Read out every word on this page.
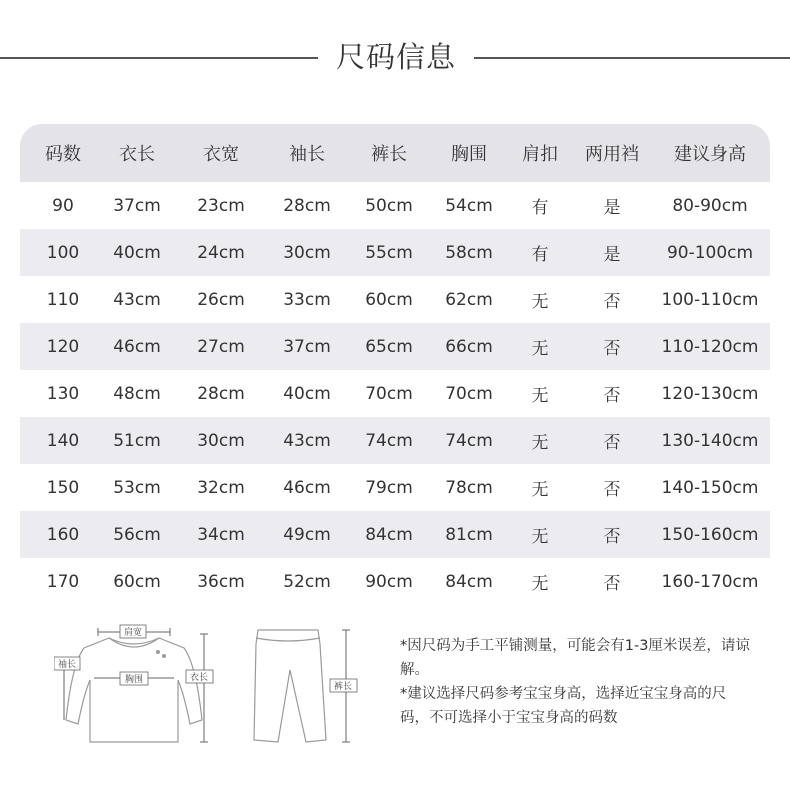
尺码信息
码数	衣长	衣宽	袖长	裤长	胸围	肩扣	两用裆	建议身高
90	37cm	23cm	28cm	50cm	54cm	有	是	80-90cm
100	40cm	24cm	30cm	55cm	58cm	有	是	90-100cm
110	43cm	26cm	33cm	60cm	62cm	无	否	100-110cm
120	46cm	27cm	37cm	65cm	66cm	无	否	110-120cm
130	48cm	28cm	40cm	70cm	70cm	无	否	120-130cm
140	51cm	30cm	43cm	74cm	74cm	无	否	130-140cm
150	53cm	32cm	46cm	79cm	78cm	无	否	140-150cm
160	56cm	34cm	49cm	84cm	81cm	无	否	150-160cm
170	60cm	36cm	52cm	90cm	84cm	无	否	160-170cm
肩宽
胸围
袖长
衣长
裤长

*因尺码为手工平铺测量，可能会有1-3厘米误差，请谅解。

*建议选择尺码参考宝宝身高，选择近宝宝身高的尺码，不可选择小于宝宝身高的码数
